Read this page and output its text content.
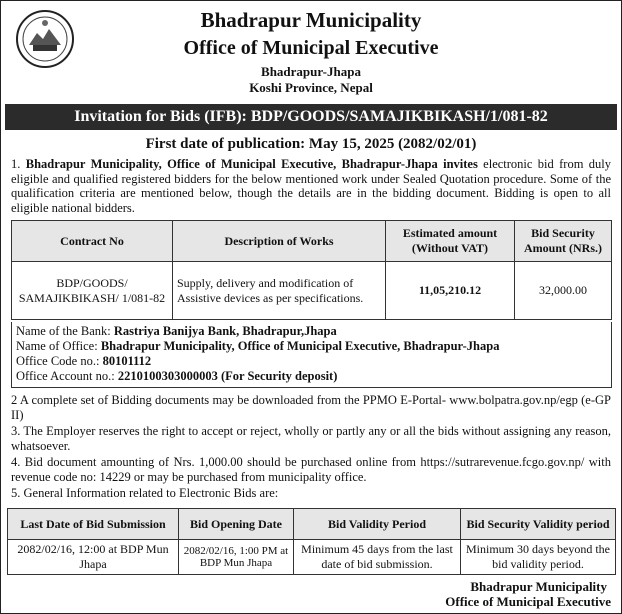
Bhadrapur Municipality
Office of Municipal Executive
Bhadrapur-Jhapa
Koshi Province, Nepal
Invitation for Bids (IFB): BDP/GOODS/SAMAJIKBIKASH/1/081-82
First date of publication: May 15, 2025 (2082/02/01)
1. Bhadrapur Municipality, Office of Municipal Executive, Bhadrapur-Jhapa invites electronic bid from duly eligible and qualified registered bidders for the below mentioned work under Sealed Quotation procedure. Some of the qualification criteria are mentioned below, though the details are in the bidding document. Bidding is open to all eligible national bidders.
Contract No	Description of Works	Estimated amount (Without VAT)	Bid Security Amount (NRs.)
BDP/GOODS/ SAMAJIKBIKASH/ 1/081-82	Supply, delivery and modification of Assistive devices as per specifications.	11,05,210.12	32,000.00
Name of the Bank: Rastriya Banijya Bank, Bhadrapur,Jhapa
Name of Office: Bhadrapur Municipality, Office of Municipal Executive, Bhadrapur-Jhapa
Office Code no.: 80101112
Office Account no.: 2210100303000003 (For Security deposit)
2 A complete set of Bidding documents may be downloaded from the PPMO E-Portal- www.bolpatra.gov.np/egp (e-GP II)
3. The Employer reserves the right to accept or reject, wholly or partly any or all the bids without assigning any reason, whatsoever.
4. Bid document amounting of Nrs. 1,000.00 should be purchased online from https://sutrarevenue.fcgo.gov.np/ with revenue code no: 14229 or may be purchased from municipality office.
5. General Information related to Electronic Bids are:
Last Date of Bid Submission	Bid Opening Date	Bid Validity Period	Bid Security Validity period
2082/02/16, 12:00 at BDP Mun Jhapa	2082/02/16, 1:00 PM at BDP Mun Jhapa	Minimum 45 days from the last date of bid submission.	Minimum 30 days beyond the bid validity period.
Bhadrapur Municipality
Office of Municipal Executive
